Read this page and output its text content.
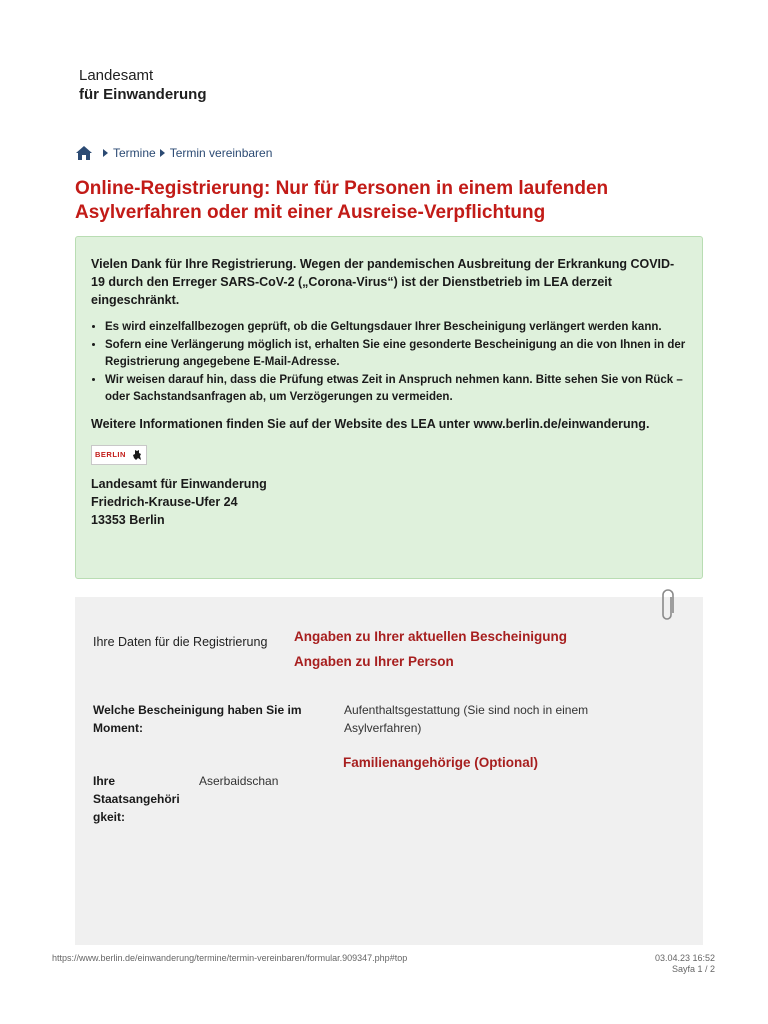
Landesamt
für Einwanderung
Termine Termin vereinbaren
Online-Registrierung: Nur für Personen in einem laufenden Asylverfahren oder mit einer Ausreise-Verpflichtung

Vielen Dank für Ihre Registrierung. Wegen der pandemischen Ausbreitung der Erkrankung COVID-19 durch den Erreger SARS-CoV-2 („Corona-Virus“) ist der Dienstbetrieb im LEA derzeit eingeschränkt.

• Es wird einzelfallbezogen geprüft, ob die Geltungsdauer Ihrer Bescheinigung verlängert werden kann.
• Sofern eine Verlängerung möglich ist, erhalten Sie eine gesonderte Bescheinigung an die von Ihnen in der Registrierung angegebene E-Mail-Adresse.
• Wir weisen darauf hin, dass die Prüfung etwas Zeit in Anspruch nehmen kann. Bitte sehen Sie von Rück – oder Sachstandsanfragen ab, um Verzögerungen zu vermeiden.

Weitere Informationen finden Sie auf der Website des LEA unter www.berlin.de/einwanderung.

BERLIN
Landesamt für Einwanderung
Friedrich-Krause-Ufer 24
13353 Berlin
Ihre Daten für die Registrierung Angaben zu Ihrer aktuellen Bescheinigung
Angaben zu Ihrer Person
Welche Bescheinigung haben Sie im Moment:
Aufenthaltsgestattung (Sie sind noch in einem Asylverfahren)
Familienangehörige (Optional)
Ihre Staatsangehöri gkeit:
Aserbaidschan
https://www.berlin.de/einwanderung/termine/termin-vereinbaren/formular.909347.php#top	03.04.23 16:52
Sayfa 1 / 2
